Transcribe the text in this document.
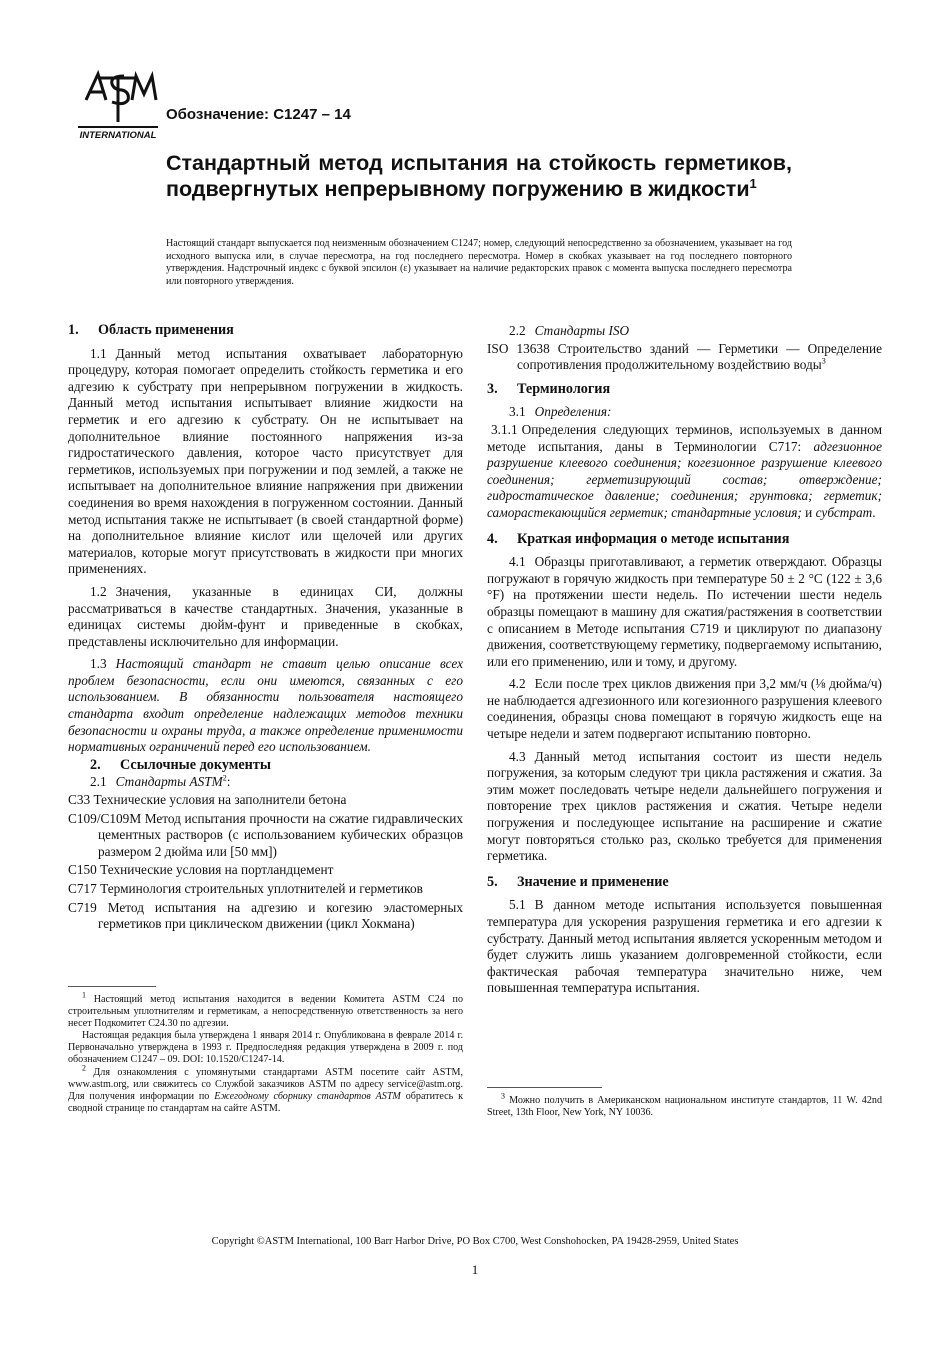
INTERNATIONAL
Обозначение: C1247 – 14
Стандартный метод испытания на стойкость герметиков, подвергнутых непрерывному погружению в жидкости$^1$
Настоящий стандарт выпускается под неизменным обозначением C1247; номер, следующий непосредственно за обозначением, указывает на год исходного выпуска или, в случае пересмотра, на год последнего пересмотра. Номер в скобках указывает на год последнего повторного утверждения. Надстрочный индекс с буквой эпсилон (ε) указывает на наличие редакторских правок с момента выпуска последнего пересмотра или повторного утверждения.
1. Область применения

1.1 Данный метод испытания охватывает лабораторную процедуру, которая помогает определить стойкость герметика и его адгезию к субстрату при непрерывном погружении в жидкость. Данный метод испытания испытывает влияние жидкости на герметик и его адгезию к субстрату. Он не испытывает на дополнительное влияние постоянного напряжения из-за гидростатического давления, которое часто присутствует для герметиков, используемых при погружении и под землей, а также не испытывает на дополнительное влияние напряжения при движении соединения во время нахождения в погруженном состоянии. Данный метод испытания также не испытывает (в своей стандартной форме) на дополнительное влияние кислот или щелочей или других материалов, которые могут присутствовать в жидкости при многих применениях.

1.2 Значения, указанные в единицах СИ, должны рассматриваться в качестве стандартных. Значения, указанные в единицах системы дюйм-фунт и приведенные в скобках, представлены исключительно для информации.

1.3 Настоящий стандарт не ставит целью описание всех проблем безопасности, если они имеются, связанных с его использованием. В обязанности пользователя настоящего стандарта входит определение надлежащих методов техники безопасности и охраны труда, а также определение применимости нормативных ограничений перед его использованием.

2. Ссылочные документы
2.1 Стандарты ASTM$^2$:
C33 Технические условия на заполнители бетона
C109/C109M Метод испытания прочности на сжатие гидравлических цементных растворов (с использованием кубических образцов размером 2 дюйма или [50 мм])
C150 Технические условия на портландцемент
C717 Терминология строительных уплотнителей и герметиков
C719 Метод испытания на адгезию и когезию эластомерных герметиков при циклическом движении (цикл Хокмана)

$^1$ Настоящий метод испытания находится в ведении Комитета ASTM C24 по строительным уплотнителям и герметикам, а непосредственную ответственность за него несет Подкомитет C24.30 по адгезии.

Настоящая редакция была утверждена 1 января 2014 г. Опубликована в феврале 2014 г. Первоначально утверждена в 1993 г. Предпоследняя редакция утверждена в 2009 г. под обозначением C1247 – 09. DOI: 10.1520/C1247-14.

$^2$ Для ознакомления с упомянутыми стандартами ASTM посетите сайт ASTM, www.astm.org, или свяжитесь со Службой заказчиков ASTM по адресу service@astm.org. Для получения информации по Ежегодному сборнику стандартов ASTM обратитесь к сводной странице по стандартам на сайте ASTM.

2.2 Стандарты ISO
ISO 13638 Строительство зданий — Герметики — Определение сопротивления продолжительному воздействию воды$^3$
3. Терминология
3.1 Определения:

3.1.1 Определения следующих терминов, используемых в данном методе испытания, даны в Терминологии C717: адгезионное разрушение клеевого соединения; когезионное разрушение клеевого соединения; герметизирующий состав; отверждение; гидростатическое давление; соединения; грунтовка; герметик; саморастекающийся герметик; стандартные условия; и субстрат.

4. Краткая информация о методе испытания

4.1 Образцы приготавливают, а герметик отверждают. Образцы погружают в горячую жидкость при температуре 50 ± 2 °C (122 ± 3,6 °F) на протяжении шести недель. По истечении шести недель образцы помещают в машину для сжатия/растяжения в соответствии с описанием в Методе испытания C719 и циклируют по диапазону движения, соответствующему герметику, подвергаемому испытанию, или его применению, или и тому, и другому.

4.2 Если после трех циклов движения при 3,2 мм/ч (⅛ дюйма/ч) не наблюдается адгезионного или когезионного разрушения клеевого соединения, образцы снова помещают в горячую жидкость еще на четыре недели и затем подвергают испытанию повторно.

4.3 Данный метод испытания состоит из шести недель погружения, за которым следуют три цикла растяжения и сжатия. За этим может последовать четыре недели дальнейшего погружения и повторение трех циклов растяжения и сжатия. Четыре недели погружения и последующее испытание на расширение и сжатие могут повторяться столько раз, сколько требуется для применения герметика.

5. Значение и применение

5.1 В данном методе испытания используется повышенная температура для ускорения разрушения герметика и его адгезии к субстрату. Данный метод испытания является ускоренным методом и будет служить лишь указанием долговременной стойкости, если фактическая рабочая температура значительно ниже, чем повышенная температура испытания.

$^3$ Можно получить в Американском национальном институте стандартов, 11 W. 42nd Street, 13th Floor, New York, NY 10036.

Copyright ©ASTM International, 100 Barr Harbor Drive, PO Box C700, West Conshohocken, PA 19428-2959, United States
1
